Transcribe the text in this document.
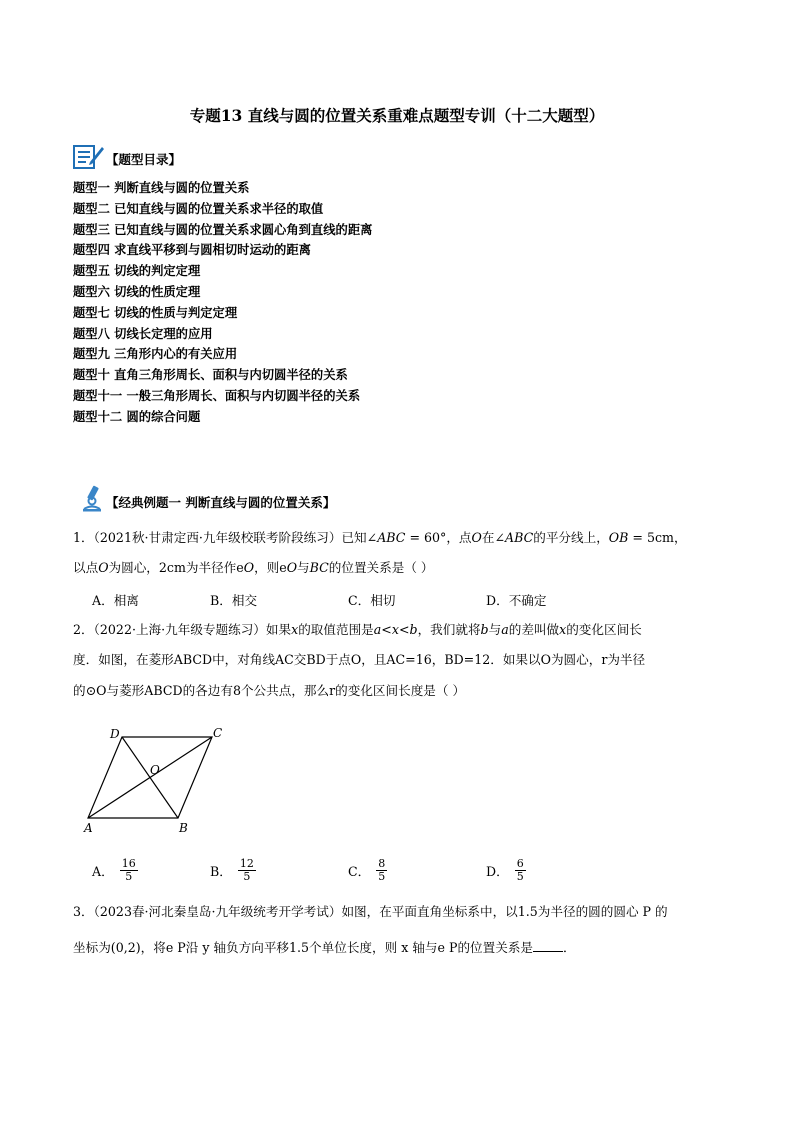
专题13 直线与圆的位置关系重难点题型专训（十二大题型）
【题型目录】
题型一 判断直线与圆的位置关系
题型二 已知直线与圆的位置关系求半径的取值
题型三 已知直线与圆的位置关系求圆心角到直线的距离
题型四 求直线平移到与圆相切时运动的距离
题型五 切线的判定定理
题型六 切线的性质定理
题型七 切线的性质与判定定理
题型八 切线长定理的应用
题型九 三角形内心的有关应用
题型十 直角三角形周长、面积与内切圆半径的关系
题型十一 一般三角形周长、面积与内切圆半径的关系
题型十二 圆的综合问题
【经典例题一 判断直线与圆的位置关系】
1．（2021秋·甘肃定西·九年级校联考阶段练习）已知∠ABC = 60°，点O在∠ABC的平分线上，OB = 5cm，
以点O为圆心，2cm为半径作eO，则eO与BC的位置关系是（ ）
A．相离	B．相交	C．相切	D．不确定
2．（2022·上海·九年级专题练习）如果x的取值范围是a<x<b，我们就将b与a的差叫做x的变化区间长
度．如图，在菱形ABCD中，对角线AC交BD于点O，且AC=16，BD=12．如果以O为圆心，r为半径
的⊙O与菱形ABCD的各边有8个公共点，那么r的变化区间长度是（ ）
D	C
O
A	B
A． $\frac{16}{5}$	B． $\frac{12}{5}$	C． $\frac{8}{5}$	D． $\frac{6}{5}$
3．（2023春·河北秦皇岛·九年级统考开学考试）如图，在平面直角坐标系中，以1.5为半径的圆的圆心 P 的
坐标为(0,2)，将e P沿 y 轴负方向平移1.5个单位长度，则 x 轴与e P的位置关系是 ．
